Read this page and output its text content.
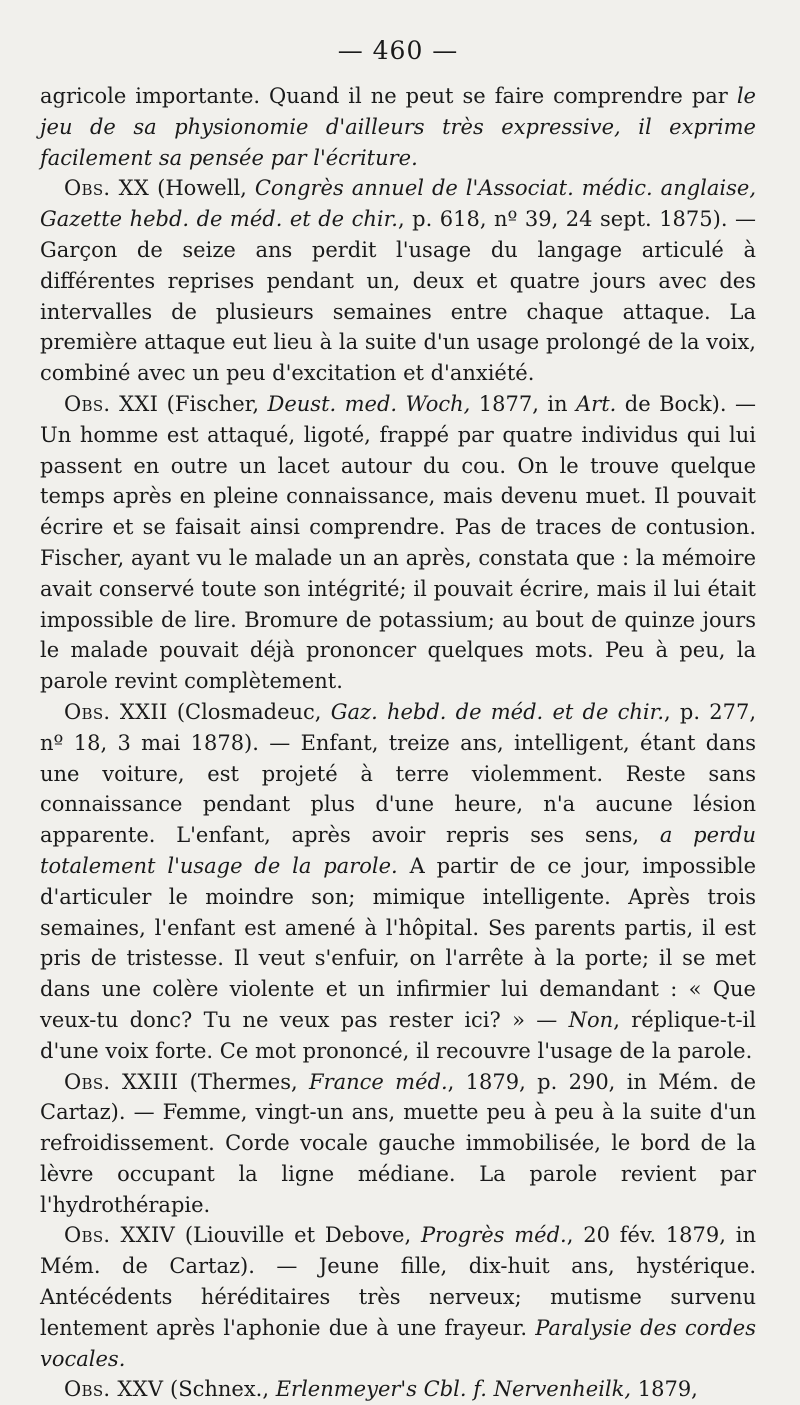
— 460 —

agricole importante. Quand il ne peut se faire comprendre par le jeu de sa physionomie d'ailleurs très expressive, il exprime facilement sa pensée par l'écriture.

Obs. XX (Howell, Congrès annuel de l'Associat. médic. anglaise, Gazette hebd. de méd. et de chir., p. 618, nº 39, 24 sept. 1875). — Garçon de seize ans perdit l'usage du langage articulé à différentes reprises pendant un, deux et quatre jours avec des intervalles de plusieurs semaines entre chaque attaque. La première attaque eut lieu à la suite d'un usage prolongé de la voix, combiné avec un peu d'excitation et d'anxiété.

Obs. XXI (Fischer, Deust. med. Woch, 1877, in Art. de Bock). — Un homme est attaqué, ligoté, frappé par quatre individus qui lui passent en outre un lacet autour du cou. On le trouve quelque temps après en pleine connaissance, mais devenu muet. Il pouvait écrire et se faisait ainsi comprendre. Pas de traces de contusion. Fischer, ayant vu le malade un an après, constata que : la mémoire avait conservé toute son intégrité; il pouvait écrire, mais il lui était impossible de lire. Bromure de potassium; au bout de quinze jours le malade pouvait déjà prononcer quelques mots. Peu à peu, la parole revint complètement.

Obs. XXII (Closmadeuc, Gaz. hebd. de méd. et de chir., p. 277, nº 18, 3 mai 1878). — Enfant, treize ans, intelligent, étant dans une voiture, est projeté à terre violemment. Reste sans connaissance pendant plus d'une heure, n'a aucune lésion apparente. L'enfant, après avoir repris ses sens, a perdu totalement l'usage de la parole. A partir de ce jour, impossible d'articuler le moindre son; mimique intelligente. Après trois semaines, l'enfant est amené à l'hôpital. Ses parents partis, il est pris de tristesse. Il veut s'enfuir, on l'arrête à la porte; il se met dans une colère violente et un infirmier lui demandant : « Que veux-tu donc? Tu ne veux pas rester ici? » — Non, réplique-t-il d'une voix forte. Ce mot prononcé, il recouvre l'usage de la parole.

Obs. XXIII (Thermes, France méd., 1879, p. 290, in Mém. de Cartaz). — Femme, vingt-un ans, muette peu à peu à la suite d'un refroidissement. Corde vocale gauche immobilisée, le bord de la lèvre occupant la ligne médiane. La parole revient par l'hydrothérapie.

Obs. XXIV (Liouville et Debove, Progrès méd., 20 fév. 1879, in Mém. de Cartaz). — Jeune fille, dix-huit ans, hystérique. Antécédents héréditaires très nerveux; mutisme survenu lentement après l'aphonie due à une frayeur. Paralysie des cordes vocales.

Obs. XXV (Schnex., Erlenmeyer's Cbl. f. Nervenheilk, 1879,
